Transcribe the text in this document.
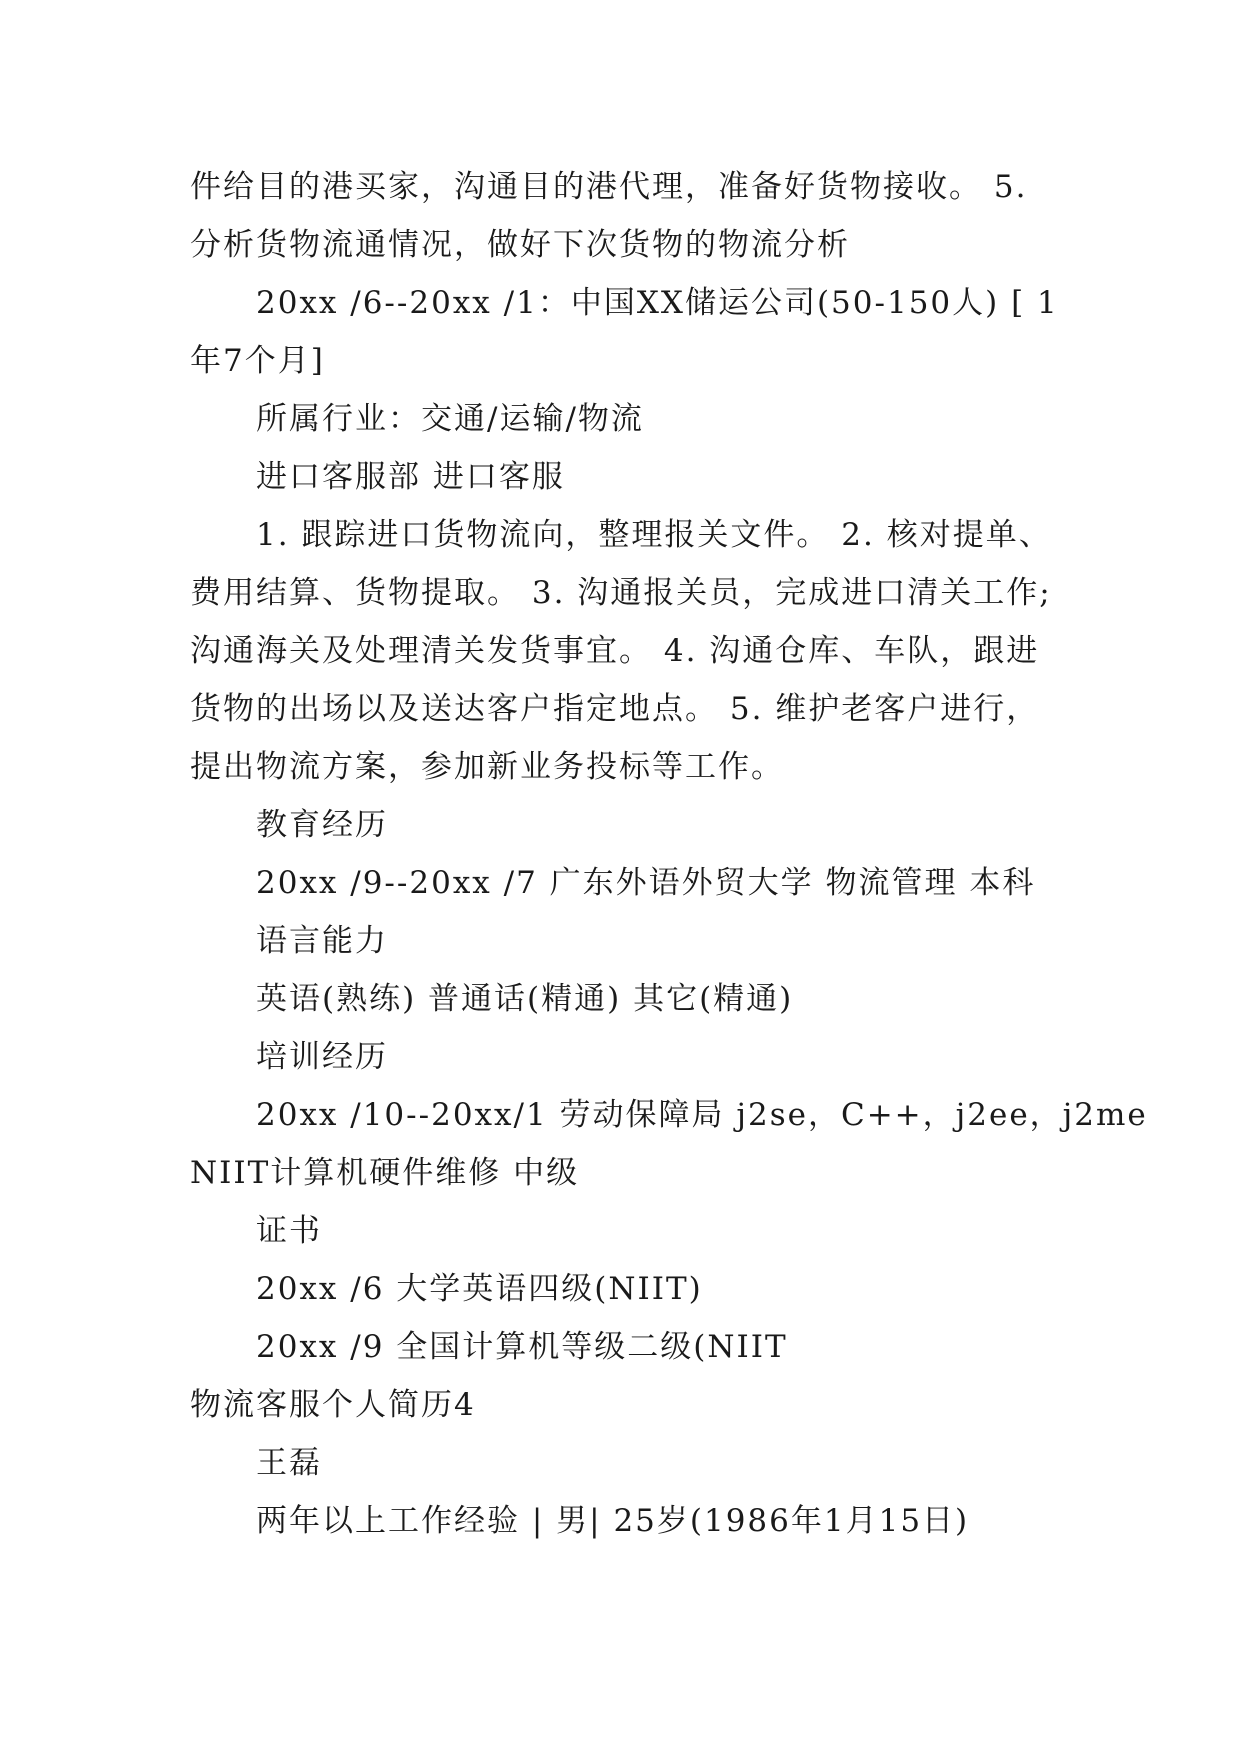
件给目的港买家，沟通目的港代理，准备好货物接收。 5.
分析货物流通情况，做好下次货物的物流分析
20xx /6--20xx /1：中国XX储运公司(50-150人) [ 1
年7个月]
所属行业：交通/运输/物流
进口客服部 进口客服
1. 跟踪进口货物流向，整理报关文件。 2. 核对提单、
费用结算、货物提取。 3. 沟通报关员，完成进口清关工作;
沟通海关及处理清关发货事宜。 4. 沟通仓库、车队，跟进
货物的出场以及送达客户指定地点。 5. 维护老客户进行，
提出物流方案，参加新业务投标等工作。
教育经历
20xx /9--20xx /7 广东外语外贸大学 物流管理 本科
语言能力
英语(熟练) 普通话(精通) 其它(精通)
培训经历
20xx /10--20xx/1 劳动保障局 j2se，C++，j2ee，j2me
NIIT计算机硬件维修 中级
证书
20xx /6 大学英语四级(NIIT)
20xx /9 全国计算机等级二级(NIIT
物流客服个人简历4
王磊
两年以上工作经验 | 男| 25岁(1986年1月15日)
